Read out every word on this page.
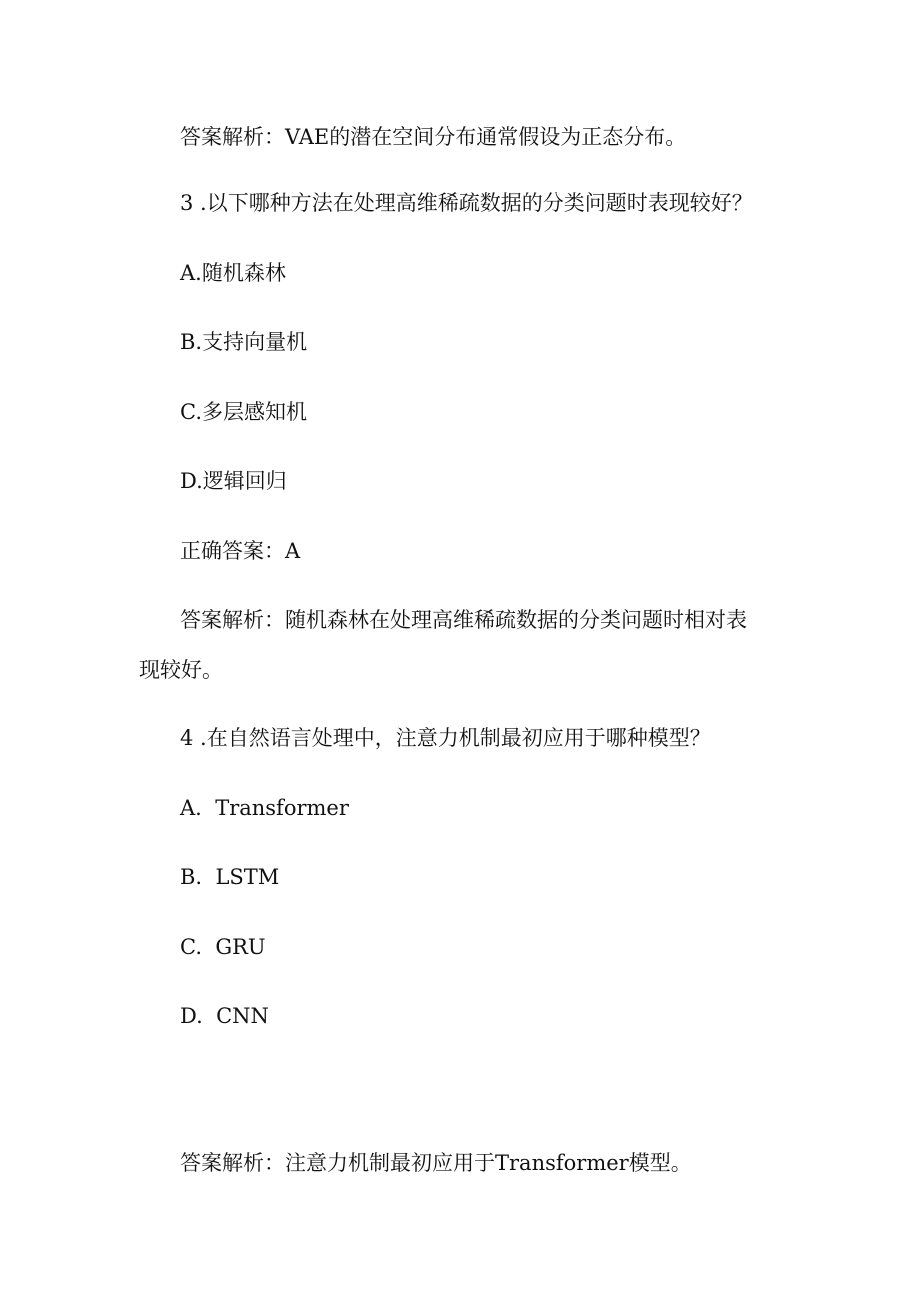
答案解析：VAE的潜在空间分布通常假设为正态分布。
3 .以下哪种方法在处理高维稀疏数据的分类问题时表现较好？
A.随机森林
B.支持向量机
C.多层感知机
D.逻辑回归
正确答案：A
答案解析：随机森林在处理高维稀疏数据的分类问题时相对表
现较好。
4 .在自然语言处理中，注意力机制最初应用于哪种模型？
A.  Transformer
B.  LSTM
C.  GRU
D.  CNN
答案解析：注意力机制最初应用于Transformer模型。
